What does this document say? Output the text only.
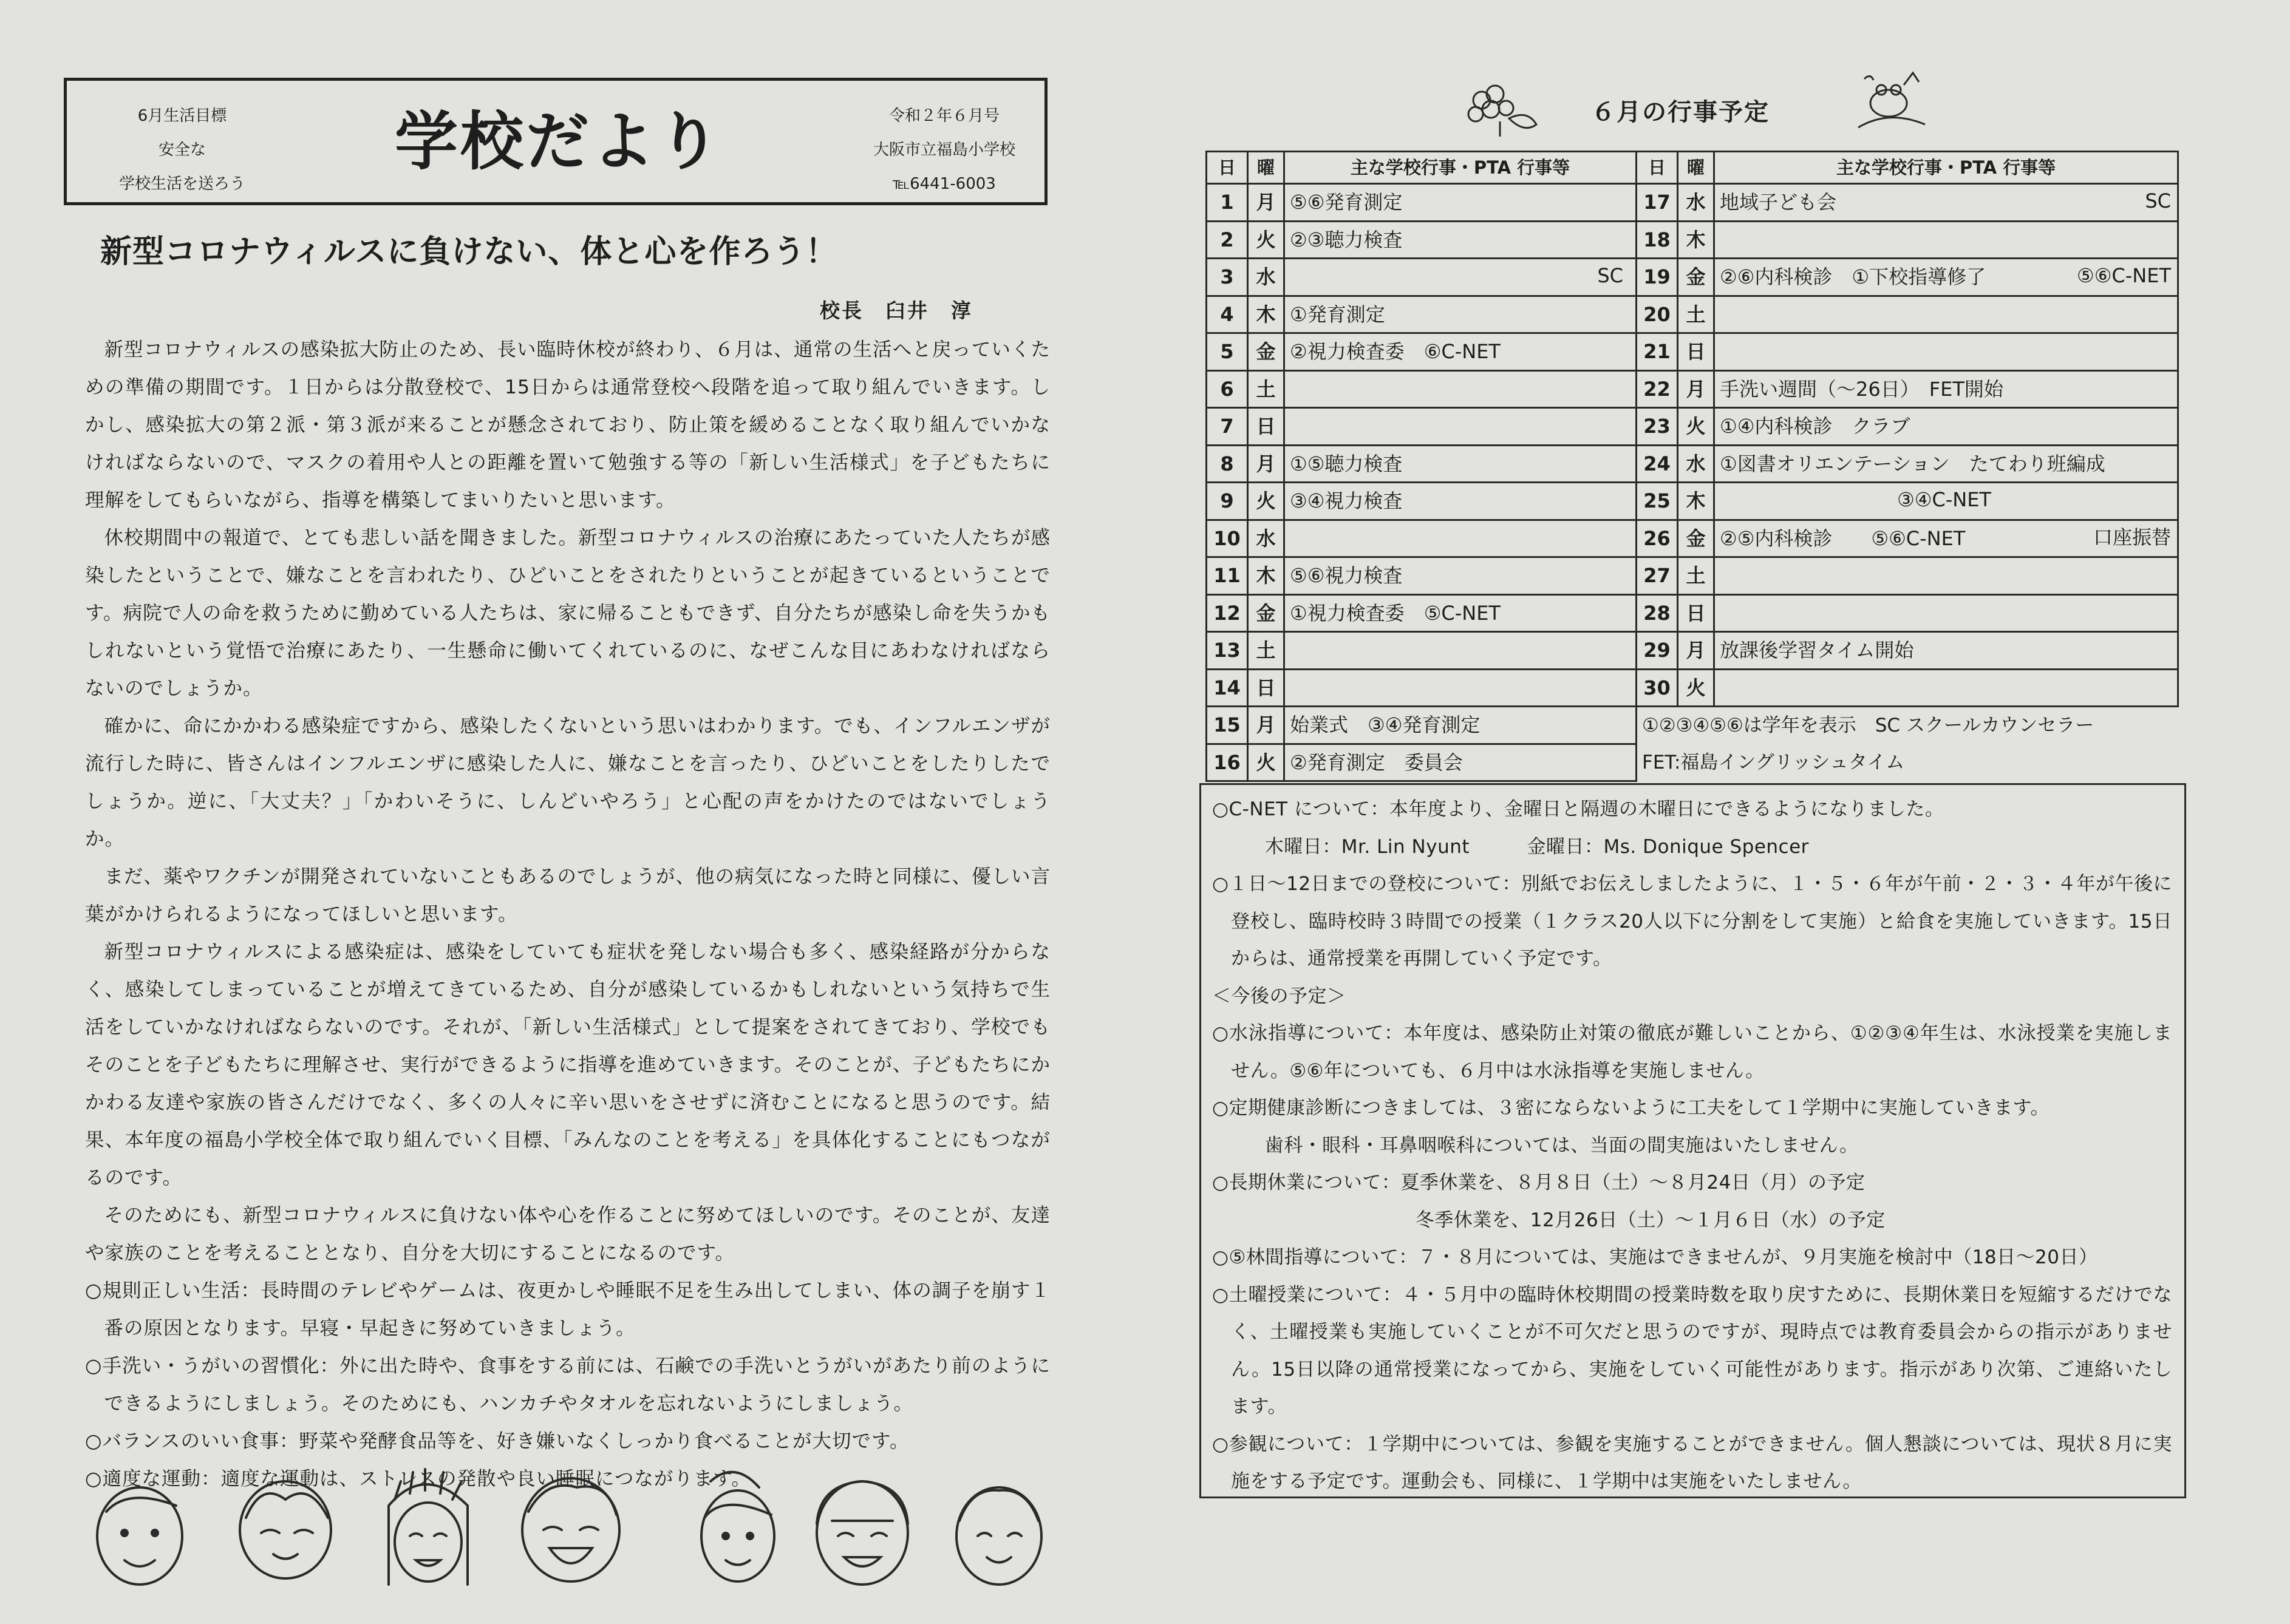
6月生活目標
安全な
学校生活を送ろう
学校だより	令和２年６月号
大阪市立福島小学校
℡6441-6003
新型コロナウィルスに負けない、体と心を作ろう！
校長　臼井　淳

新型コロナウィルスの感染拡大防止のため、長い臨時休校が終わり、６月は、通常の生活へと戻っていくための準備の期間です。１日からは分散登校で、15日からは通常登校へ段階を追って取り組んでいきます。しかし、感染拡大の第２派・第３派が来ることが懸念されており、防止策を緩めることなく取り組んでいかなければならないので、マスクの着用や人との距離を置いて勉強する等の「新しい生活様式」を子どもたちに理解をしてもらいながら、指導を構築してまいりたいと思います。

休校期間中の報道で、とても悲しい話を聞きました。新型コロナウィルスの治療にあたっていた人たちが感染したということで、嫌なことを言われたり、ひどいことをされたりということが起きているということです。病院で人の命を救うために勤めている人たちは、家に帰ることもできず、自分たちが感染し命を失うかもしれないという覚悟で治療にあたり、一生懸命に働いてくれているのに、なぜこんな目にあわなければならないのでしょうか。

確かに、命にかかわる感染症ですから、感染したくないという思いはわかります。でも、インフルエンザが流行した時に、皆さんはインフルエンザに感染した人に、嫌なことを言ったり、ひどいことをしたりしたでしょうか。逆に、「大丈夫？」「かわいそうに、しんどいやろう」と心配の声をかけたのではないでしょうか。

まだ、薬やワクチンが開発されていないこともあるのでしょうが、他の病気になった時と同様に、優しい言葉がかけられるようになってほしいと思います。

新型コロナウィルスによる感染症は、感染をしていても症状を発しない場合も多く、感染経路が分からなく、感染してしまっていることが増えてきているため、自分が感染しているかもしれないという気持ちで生活をしていかなければならないのです。それが、「新しい生活様式」として提案をされてきており、学校でもそのことを子どもたちに理解させ、実行ができるように指導を進めていきます。そのことが、子どもたちにかかわる友達や家族の皆さんだけでなく、多くの人々に辛い思いをさせずに済むことになると思うのです。結果、本年度の福島小学校全体で取り組んでいく目標、「みんなのことを考える」を具体化することにもつながるのです。

そのためにも、新型コロナウィルスに負けない体や心を作ることに努めてほしいのです。そのことが、友達や家族のことを考えることとなり、自分を大切にすることになるのです。

○規則正しい生活：長時間のテレビやゲームは、夜更かしや睡眠不足を生み出してしまい、体の調子を崩す１番の原因となります。早寝・早起きに努めていきましょう。

○手洗い・うがいの習慣化：外に出た時や、食事をする前には、石鹸での手洗いとうがいがあたり前のようにできるようにしましょう。そのためにも、ハンカチやタオルを忘れないようにしましょう。

○バランスのいい食事：野菜や発酵食品等を、好き嫌いなくしっかり食べることが大切です。

○適度な運動：適度な運動は、ストレスの発散や良い睡眠につながります。

６月の行事予定
日	曜	主な学校行事・PTA 行事等	日	曜	主な学校行事・PTA 行事等
1	月	⑤⑥発育測定	17	水	地域子ども会 SC

2	火	②③聴力検査	18	木	
3	水	SC	19	金	②⑥内科検診　①下校指導修了 ⑤⑥C-NET

4	木	①発育測定	20	土	
5	金	②視力検査委　⑥C-NET	21	日	
6	土		22	月	手洗い週間（～26日）　FET開始
7	日		23	火	①④内科検診　クラブ
8	月	①⑤聴力検査	24	水	①図書オリエンテーション　たてわり班編成
9	火	③④視力検査	25	木	③④C-NET

10	水		26	金	②⑤内科検診　　⑤⑥C-NET 口座振替

11	木	⑤⑥視力検査	27	土	
12	金	①視力検査委　⑤C-NET	28	日	
13	土		29	月	放課後学習タイム開始
14	日		30	火	
15	月	始業式　③④発育測定	①②③④⑤⑥は学年を表示　SC スクールカウンセラー		
16	火	②発育測定　委員会	FET:福島イングリッシュタイム		

○C-NET について：本年度より、金曜日と隔週の木曜日にできるようになりました。

木曜日：Mr. Lin Nyunt　　　金曜日：Ms. Donique Spencer

○１日～12日までの登校について：別紙でお伝えしましたように、１・５・６年が午前・２・３・４年が午後に登校し、臨時校時３時間での授業（１クラス20人以下に分割をして実施）と給食を実施していきます。15日からは、通常授業を再開していく予定です。

＜今後の予定＞

○水泳指導について：本年度は、感染防止対策の徹底が難しいことから、①②③④年生は、水泳授業を実施しません。⑤⑥年についても、６月中は水泳指導を実施しません。

○定期健康診断につきましては、３密にならないように工夫をして１学期中に実施していきます。

歯科・眼科・耳鼻咽喉科については、当面の間実施はいたしません。

○長期休業について：夏季休業を、８月８日（土）～８月24日（月）の予定

冬季休業を、12月26日（土）～１月６日（水）の予定

○⑤林間指導について：７・８月については、実施はできませんが、９月実施を検討中（18日～20日）

○土曜授業について：４・５月中の臨時休校期間の授業時数を取り戻すために、長期休業日を短縮するだけでなく、土曜授業も実施していくことが不可欠だと思うのですが、現時点では教育委員会からの指示がありません。15日以降の通常授業になってから、実施をしていく可能性があります。指示があり次第、ご連絡いたします。

○参観について：１学期中については、参観を実施することができません。個人懇談については、現状８月に実施をする予定です。運動会も、同様に、１学期中は実施をいたしません。
